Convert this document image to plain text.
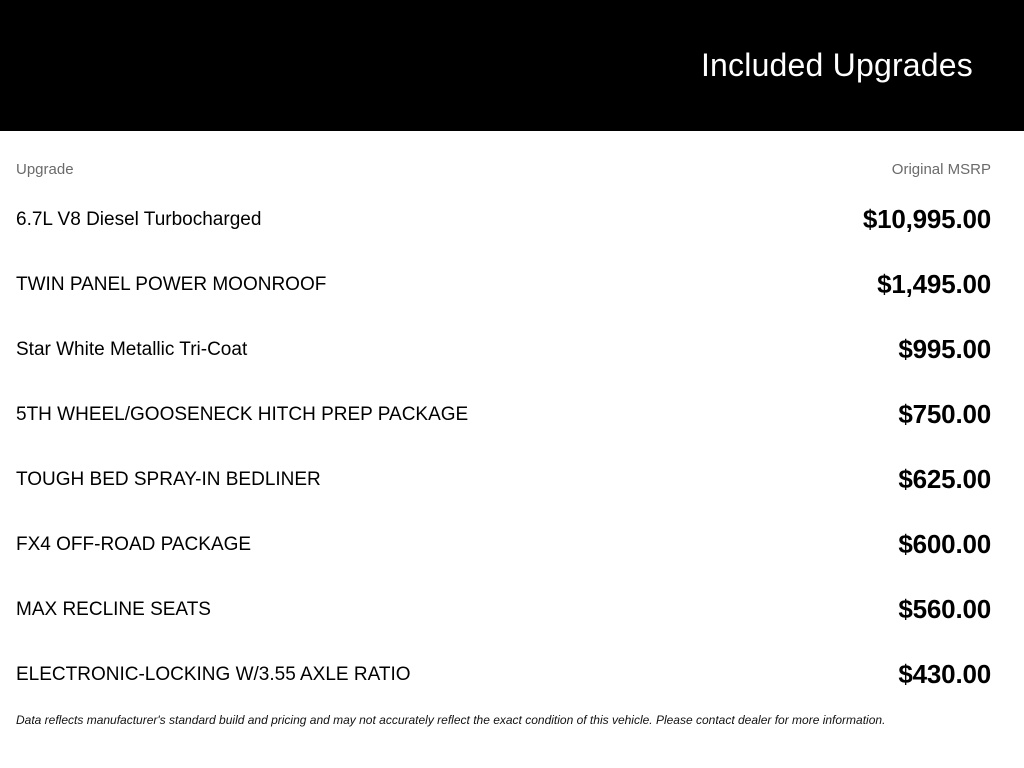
Included Upgrades
Upgrade	Original MSRP
6.7L V8 Diesel Turbocharged	$10,995.00
TWIN PANEL POWER MOONROOF	$1,495.00
Star White Metallic Tri-Coat	$995.00
5TH WHEEL/GOOSENECK HITCH PREP PACKAGE	$750.00
TOUGH BED SPRAY-IN BEDLINER	$625.00
FX4 OFF-ROAD PACKAGE	$600.00
MAX RECLINE SEATS	$560.00
ELECTRONIC-LOCKING W/3.55 AXLE RATIO	$430.00
Data reflects manufacturer's standard build and pricing and may not accurately reflect the exact condition of this vehicle. Please contact dealer for more information.
